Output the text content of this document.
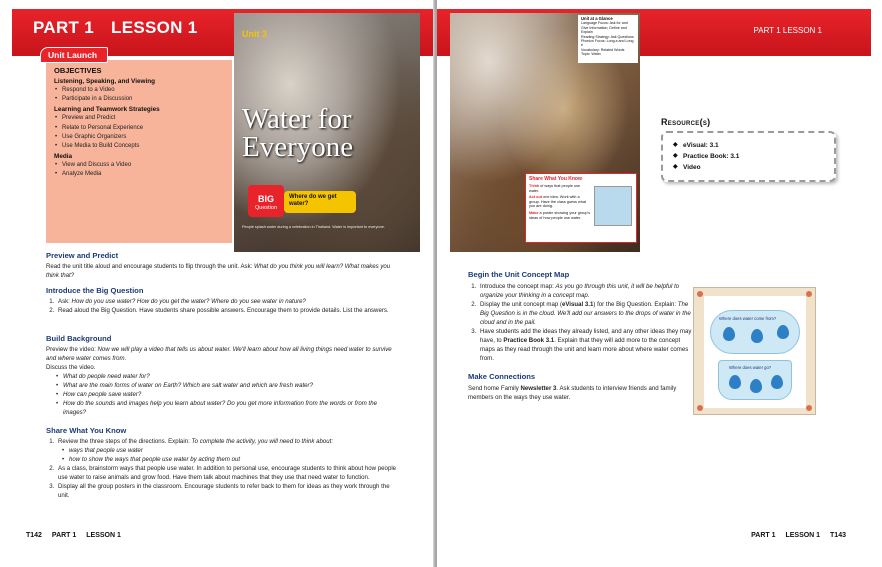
PART 1 LESSON 1
OBJECTIVES
Listening, Speaking, and Viewing
• Respond to a Video
• Participate in a Discussion
Learning and Teamwork Strategies
• Preview and Predict
• Relate to Personal Experience
• Use Graphic Organizers
• Use Media to Build Concepts
Media
• View and Discuss a Video
• Analyze Media
Unit Launch
Unit 3
Water for
Everyone
BIG
Question
Where do we get water?
People splash water during a celebration in Thailand. Water is important to everyone.
Preview and Predict

Read the unit title aloud and encourage students to flip through the unit. Ask: What do you think you will learn? What makes you think that?

Introduce the Big Question
1. Ask: How do you use water? How do you get the water? Where do you see water in nature?
2. Read aloud the Big Question. Have students share possible answers. Encourage them to provide details. List the answers.
Build Background

Preview the video: Now we will play a video that tells us about water. We'll learn about how all living things need water to survive and where water comes from.

Discuss the video.

• What do people need water for?
• What are the main forms of water on Earth? Which are salt water and which are fresh water?
• How can people save water?
• How do the sounds and images help you learn about water? Do you get more information from the words or from the images?
Share What You Know
1. Review the three steps of the directions. Explain: To complete the activity, you will need to think about:
• ways that people use water
• how to show the ways that people use water by acting them out
2. As a class, brainstorm ways that people use water. In addition to personal use, encourage students to think about how people use water to raise animals and grow food. Have them talk about machines that they use that need water to function.
3. Display all the group posters in the classroom. Encourage students to refer back to them for ideas as they work through the unit.
T142 PART 1 LESSON 1
PART 1 LESSON 1
Unit at a Glance
Language Focus: Ask for and Give Information; Define and Explain
Reading Strategy: Ask Questions
Phonics Focus: Long a and Long e
Vocabulary: Related Words
Topic: Water
Share What You Know
Think of ways that people use water.
Act out one idea. Work with a group. Have the class guess what you are doing.
Make a poster showing your group's ideas of how people use water.
Resource(s)
◆ eVisual: 3.1
◆ Practice Book: 3.1
◆ Video
Begin the Unit Concept Map
1. Introduce the concept map: As you go through this unit, it will be helpful to organize your thinking in a concept map.
2. Display the unit concept map (eVisual 3.1) for the Big Question. Explain: The Big Question is in the cloud. We'll add our answers to the drops of water in the cloud and in the pail.
3. Have students add the ideas they already listed, and any other ideas they may have, to Practice Book 3.1. Explain that they will add more to the concept maps as they read through the unit and learn more about where water comes from.
Make Connections

Send home Family Newsletter 3. Ask students to interview friends and family members on the ways they use water.

Where does water come from?
Where does water go?
PART 1 LESSON 1 T143
